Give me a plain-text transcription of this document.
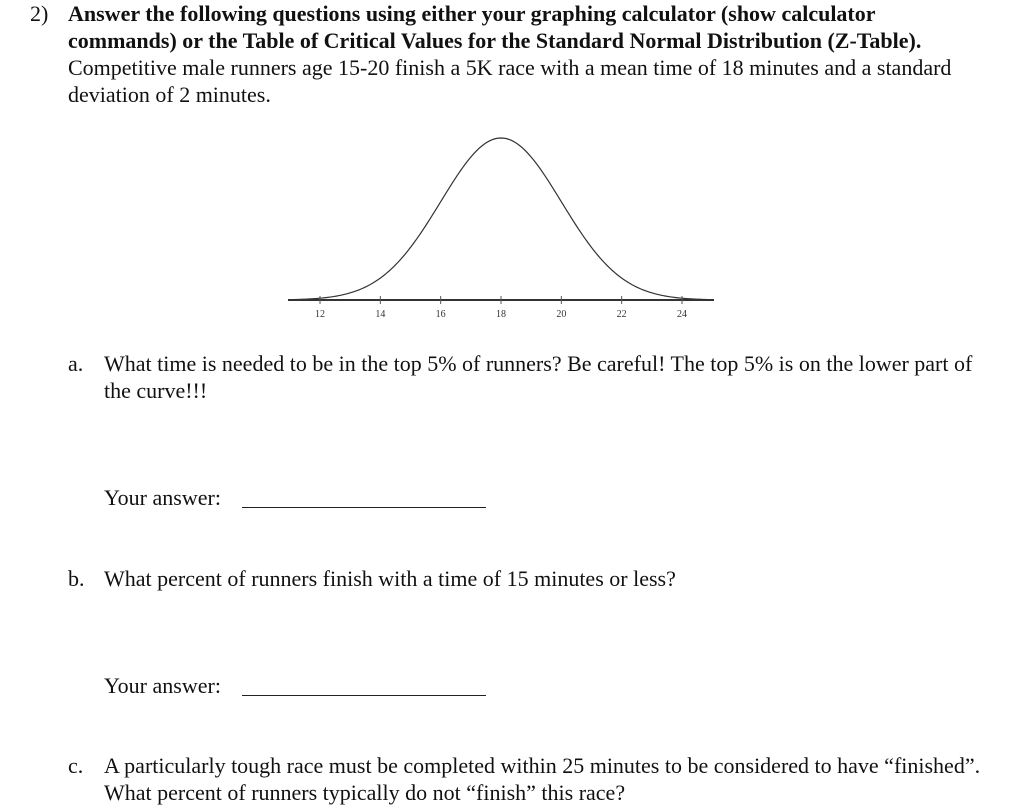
2) Answer the following questions using either your graphing calculator (show calculator commands) or the Table of Critical Values for the Standard Normal Distribution (Z-Table). Competitive male runners age 15-20 finish a 5K race with a mean time of 18 minutes and a standard deviation of 2 minutes.
12	14	16	18	20	22	24
a. What time is needed to be in the top 5% of runners? Be careful! The top 5% is on the lower part of the curve!!!
Your answer:
b. What percent of runners finish with a time of 15 minutes or less?
Your answer:
c. A particularly tough race must be completed within 25 minutes to be considered to have “finished”. What percent of runners typically do not “finish” this race?
